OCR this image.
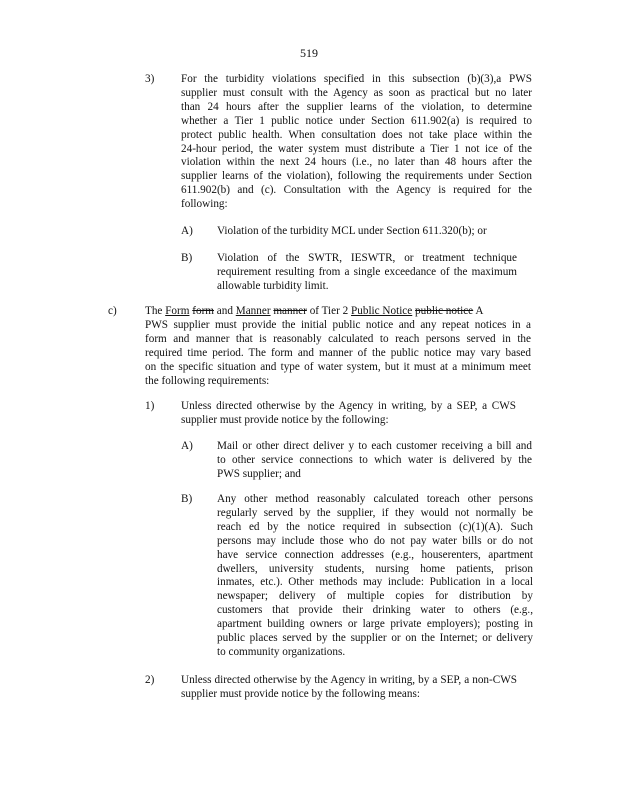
519
3) For the turbidity violations specified in this subsection (b)(3),a PWS
supplier must consult with the Agency as soon as practical but no later
than 24 hours after the supplier learns of the violation, to determine
whether a Tier 1 public notice under Section 611.902(a) is required to
protect public health. When consultation does not take place within the
24-hour period, the water system must distribute a Tier 1 not ice of the
violation within the next 24 hours (i.e., no later than 48 hours after the
supplier learns of the violation), following the requirements under Section
611.902(b) and (c). Consultation with the Agency is required for the
following:
A) Violation of the turbidity MCL under Section 611.320(b); or
B) Violation of the SWTR, IESWTR, or treatment technique
requirement resulting from a single exceedance of the maximum
allowable turbidity limit.
c)	The Form form and Manner manner of Tier 2 Public Notice public notice A
PWS supplier must provide the initial public notice and any repeat notices in a
form and manner that is reasonably calculated to reach persons served in the
required time period. The form and manner of the public notice may vary based
on the specific situation and type of water system, but it must at a minimum meet
the following requirements:
1) Unless directed otherwise by the Agency in writing, by a SEP, a CWS
supplier must provide notice by the following:
A) Mail or other direct deliver y to each customer receiving a bill and
to other service connections to which water is delivered by the
PWS supplier; and
B) Any other method reasonably calculated toreach other persons
regularly served by the supplier, if they would not normally be
reach ed by the notice required in subsection (c)(1)(A). Such
persons may include those who do not pay water bills or do not
have service connection addresses (e.g., houserenters, apartment
dwellers, university students, nursing home patients, prison
inmates, etc.). Other methods may include: Publication in a local
newspaper; delivery of multiple copies for distribution by
customers that provide their drinking water to others (e.g.,
apartment building owners or large private employers); posting in
public places served by the supplier or on the Internet; or delivery
to community organizations.
2) Unless directed otherwise by the Agency in writing, by a SEP, a non-CWS
supplier must provide notice by the following means:
